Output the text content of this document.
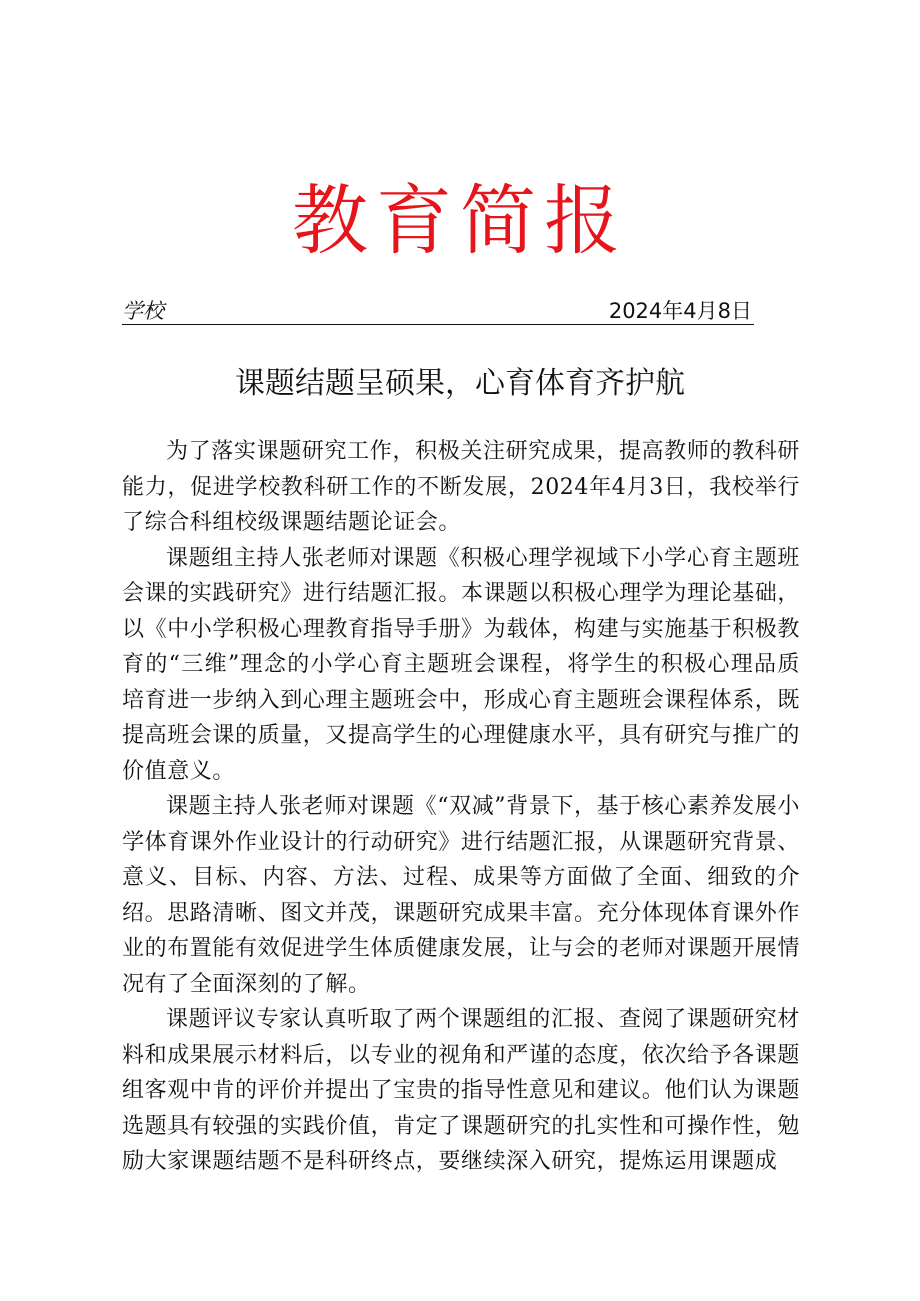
教育简报
学校	2024年4月8日
课题结题呈硕果，心育体育齐护航

为了落实课题研究工作，积极关注研究成果，提高教师的教科研能力，促进学校教科研工作的不断发展，2024年4月3日，我校举行了综合科组校级课题结题论证会。

课题组主持人张老师对课题《积极心理学视域下小学心育主题班会课的实践研究》进行结题汇报。本课题以积极心理学为理论基础，以《中小学积极心理教育指导手册》为载体，构建与实施基于积极教育的“三维”理念的小学心育主题班会课程，将学生的积极心理品质培育进一步纳入到心理主题班会中，形成心育主题班会课程体系，既提高班会课的质量，又提高学生的心理健康水平，具有研究与推广的价值意义。

课题主持人张老师对课题《“双减”背景下，基于核心素养发展小学体育课外作业设计的行动研究》进行结题汇报，从课题研究背景、意义、目标、内容、方法、过程、成果等方面做了全面、细致的介绍。思路清晰、图文并茂，课题研究成果丰富。充分体现体育课外作业的布置能有效促进学生体质健康发展，让与会的老师对课题开展情况有了全面深刻的了解。

课题评议专家认真听取了两个课题组的汇报、查阅了课题研究材料和成果展示材料后，以专业的视角和严谨的态度，依次给予各课题组客观中肯的评价并提出了宝贵的指导性意见和建议。他们认为课题选题具有较强的实践价值，肯定了课题研究的扎实性和可操作性，勉励大家课题结题不是科研终点，要继续深入研究，提炼运用课题成
